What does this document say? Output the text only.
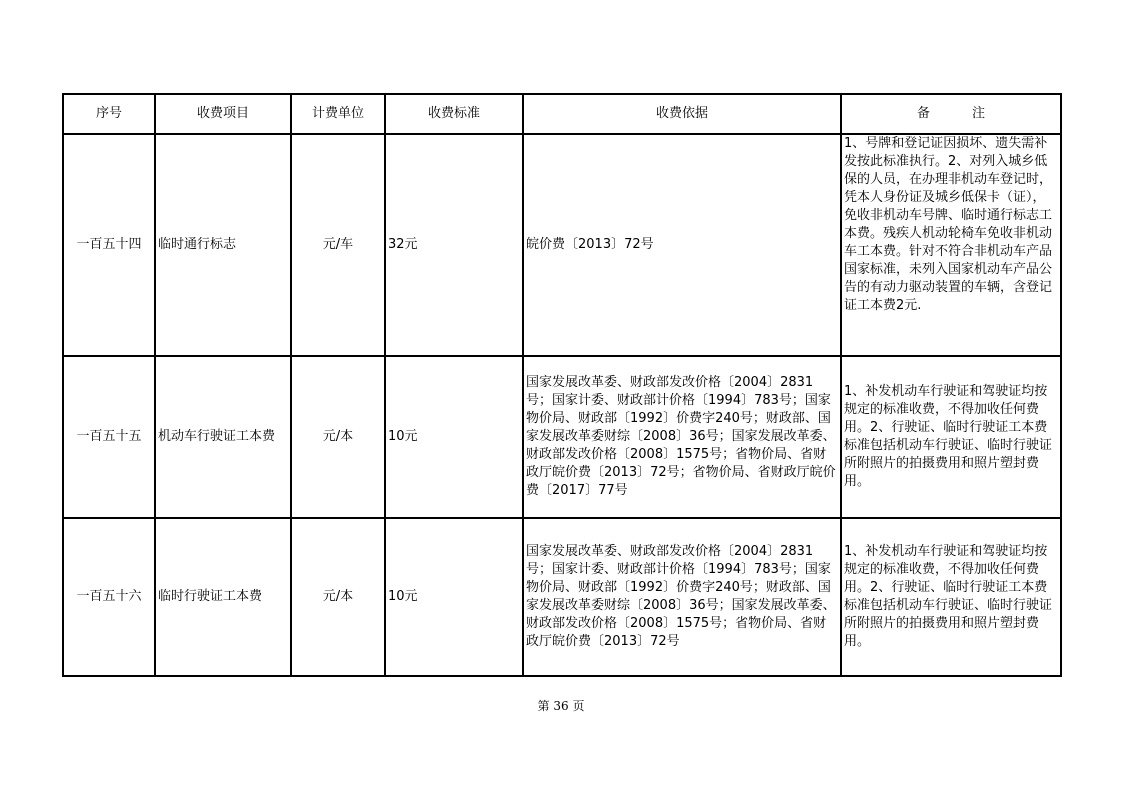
序号	收费项目	计费单位	收费标准	收费依据	备 注
一百五十四	临时通行标志	元/车	32元	皖价费〔2013〕72号	1、号牌和登记证因损坏、遗失需补发按此标准执行。2、对列入城乡低保的人员，在办理非机动车登记时，凭本人身份证及城乡低保卡（证），免收非机动车号牌、临时通行标志工本费。残疾人机动轮椅车免收非机动车工本费。针对不符合非机动车产品国家标准，未列入国家机动车产品公告的有动力驱动装置的车辆，含登记证工本费2元.
一百五十五	机动车行驶证工本费	元/本	10元	国家发展改革委、财政部发改价格〔2004〕2831号；国家计委、财政部计价格〔1994〕783号；国家物价局、财政部〔1992〕价费字240号；财政部、国家发展改革委财综〔2008〕36号；国家发展改革委、财政部发改价格〔2008〕1575号；省物价局、省财政厅皖价费〔2013〕72号；省物价局、省财政厅皖价费〔2017〕77号	1、补发机动车行驶证和驾驶证均按规定的标准收费，不得加收任何费用。2、行驶证、临时行驶证工本费标准包括机动车行驶证、临时行驶证所附照片的拍摄费用和照片塑封费用。
一百五十六	临时行驶证工本费	元/本	10元	国家发展改革委、财政部发改价格〔2004〕2831号；国家计委、财政部计价格〔1994〕783号；国家物价局、财政部〔1992〕价费字240号；财政部、国家发展改革委财综〔2008〕36号；国家发展改革委、财政部发改价格〔2008〕1575号；省物价局、省财政厅皖价费〔2013〕72号	1、补发机动车行驶证和驾驶证均按规定的标准收费，不得加收任何费用。2、行驶证、临时行驶证工本费标准包括机动车行驶证、临时行驶证所附照片的拍摄费用和照片塑封费用。
第 36 页
